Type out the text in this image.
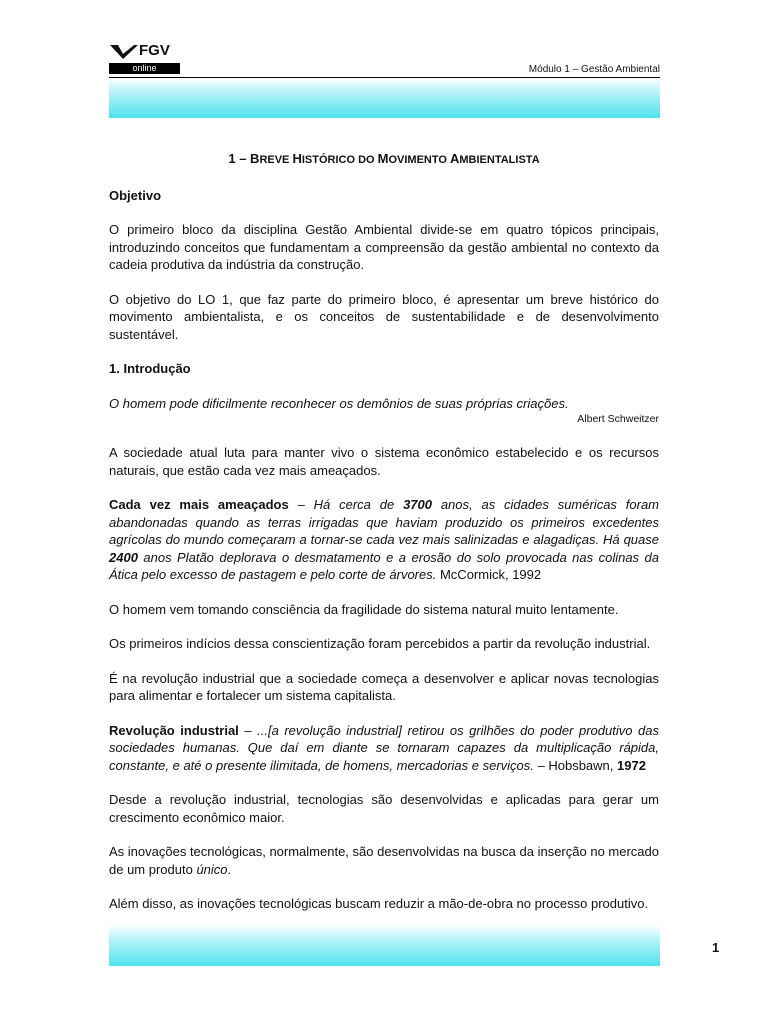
FGV
online	Módulo 1 – Gestão Ambiental

1 – BREVE HISTÓRICO DO MOVIMENTO AMBIENTALISTA

Objetivo

O primeiro bloco da disciplina Gestão Ambiental divide-se em quatro tópicos principais, introduzindo conceitos que fundamentam a compreensão da gestão ambiental no contexto da cadeia produtiva da indústria da construção.

O objetivo do LO 1, que faz parte do primeiro bloco, é apresentar um breve histórico do movimento ambientalista, e os conceitos de sustentabilidade e de desenvolvimento sustentável.

1. Introdução

O homem pode dificilmente reconhecer os demônios de suas próprias criações.

Albert Schweitzer

A sociedade atual luta para manter vivo o sistema econômico estabelecido e os recursos naturais, que estão cada vez mais ameaçados.

Cada vez mais ameaçados – Há cerca de 3700 anos, as cidades suméricas foram abandonadas quando as terras irrigadas que haviam produzido os primeiros excedentes agrícolas do mundo começaram a tornar-se cada vez mais salinizadas e alagadiças. Há quase 2400 anos Platão deplorava o desmatamento e a erosão do solo provocada nas colinas da Ática pelo excesso de pastagem e pelo corte de árvores. McCormick, 1992

O homem vem tomando consciência da fragilidade do sistema natural muito lentamente.

Os primeiros indícios dessa conscientização foram percebidos a partir da revolução industrial.

É na revolução industrial que a sociedade começa a desenvolver e aplicar novas tecnologias para alimentar e fortalecer um sistema capitalista.

Revolução industrial – ...[a revolução industrial] retirou os grilhões do poder produtivo das sociedades humanas. Que daí em diante se tornaram capazes da multiplicação rápida, constante, e até o presente ilimitada, de homens, mercadorias e serviços. – Hobsbawn, 1972

Desde a revolução industrial, tecnologias são desenvolvidas e aplicadas para gerar um crescimento econômico maior.

As inovações tecnológicas, normalmente, são desenvolvidas na busca da inserção no mercado de um produto único.

Além disso, as inovações tecnológicas buscam reduzir a mão-de-obra no processo produtivo.

1
